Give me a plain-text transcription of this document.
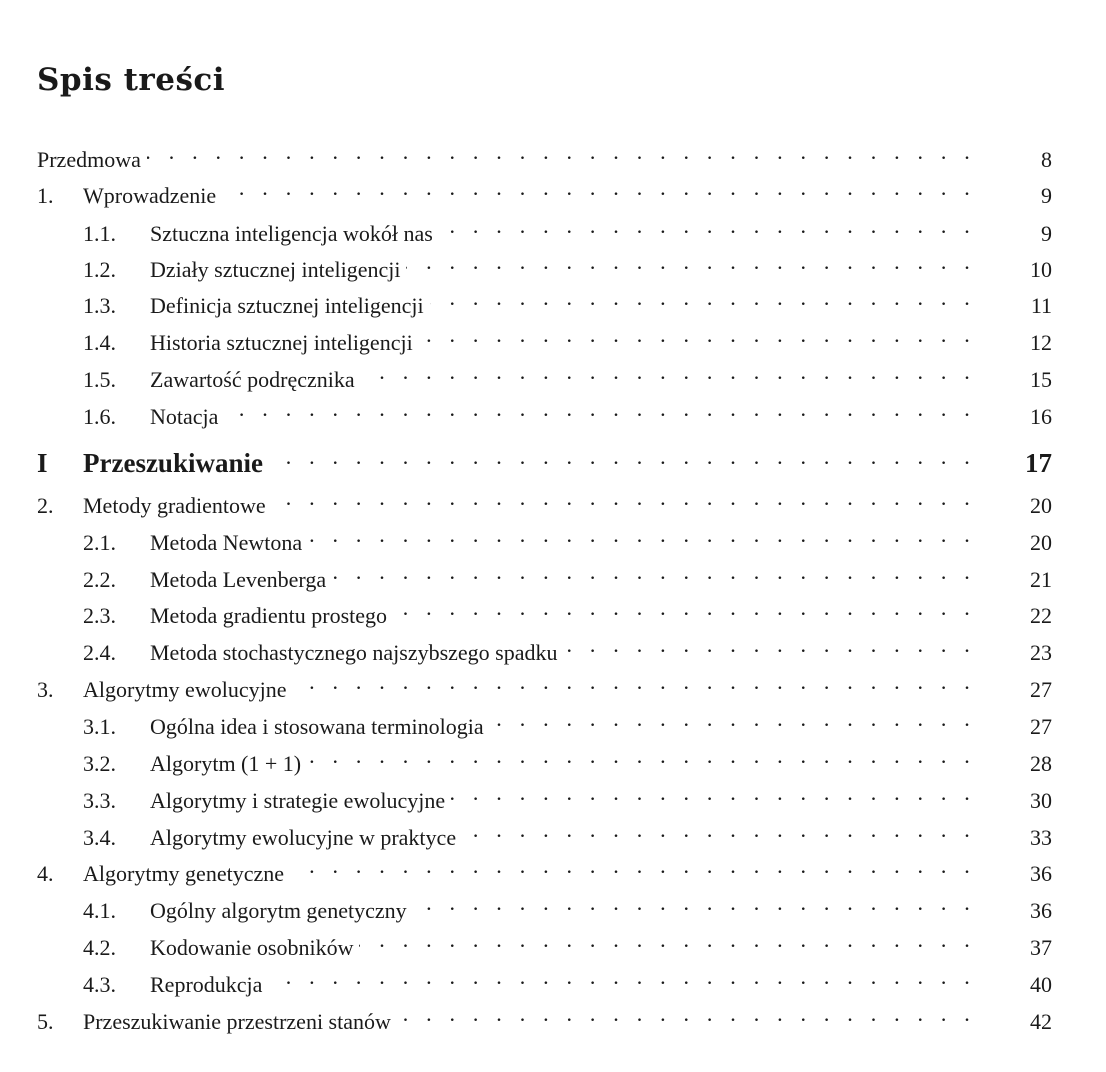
Spis treści
Przedmowa . . .	8
1.	Wprowadzenie . . .	9
1.1.	Sztuczna inteligencja wokół nas . . .	9
1.2.	Działy sztucznej inteligencji . . .	10
1.3.	Definicja sztucznej inteligencji . . .	11
1.4.	Historia sztucznej inteligencji . . .	12
1.5.	Zawartość podręcznika . . .	15
1.6.	Notacja . . .	16
I	Przeszukiwanie . . .	17
2.	Metody gradientowe . . .	20
2.1.	Metoda Newtona . . .	20
2.2.	Metoda Levenberga . . .	21
2.3.	Metoda gradientu prostego . . .	22
2.4.	Metoda stochastycznego najszybszego spadku . . .	23
3.	Algorytmy ewolucyjne . . .	27
3.1.	Ogólna idea i stosowana terminologia . . .	27
3.2.	Algorytm (1 + 1) . . .	28
3.3.	Algorytmy i strategie ewolucyjne . . .	30
3.4.	Algorytmy ewolucyjne w praktyce . . .	33
4.	Algorytmy genetyczne . . .	36
4.1.	Ogólny algorytm genetyczny . . .	36
4.2.	Kodowanie osobników . . .	37
4.3.	Reprodukcja . . .	40
5.	Przeszukiwanie przestrzeni stanów . . .	42
